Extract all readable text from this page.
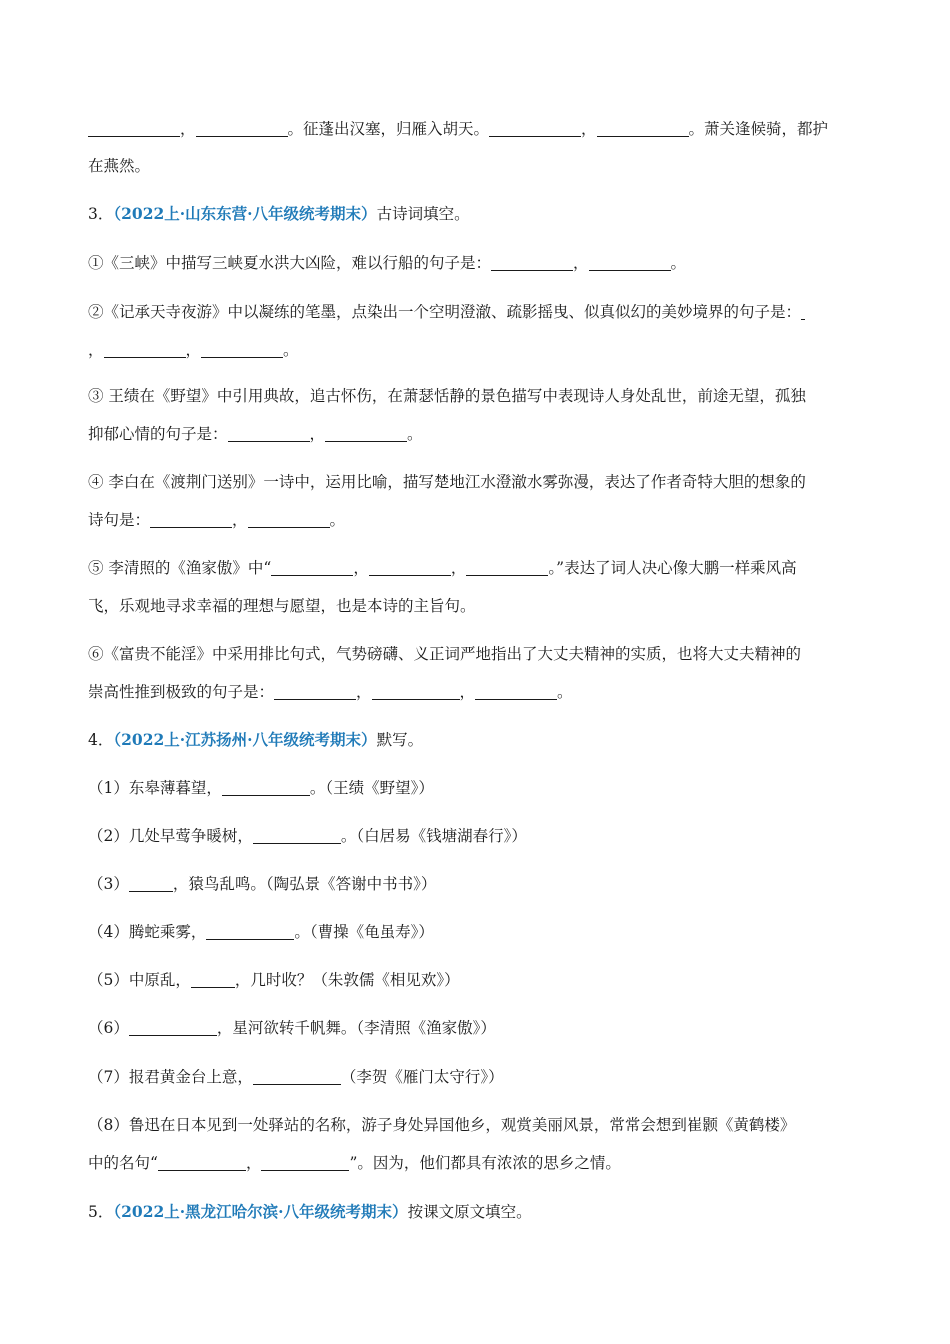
，	。征蓬出汉塞，归雁入胡天。	，	。萧关逢候骑，都护
在燕然。
3．（2022上·山东东营·八年级统考期末）古诗词填空。
①《三峡》中描写三峡夏水洪大凶险，难以行船的句子是：	，	。
②《记承天寺夜游》中以凝练的笔墨，点染出一个空明澄澈、疏影摇曳、似真似幻的美妙境界的句子是：
，	，	。
③ 王绩在《野望》中引用典故，追古怀伤，在萧瑟恬静的景色描写中表现诗人身处乱世，前途无望，孤独
抑郁心情的句子是：	，	。
④ 李白在《渡荆门送别》一诗中，运用比喻，描写楚地江水澄澈水雾弥漫，表达了作者奇特大胆的想象的
诗句是：	，	。
⑤ 李清照的《渔家傲》中“	，	，	。”表达了词人决心像大鹏一样乘风高
飞，乐观地寻求幸福的理想与愿望，也是本诗的主旨句。
⑥《富贵不能淫》中采用排比句式，气势磅礴、义正词严地指出了大丈夫精神的实质，也将大丈夫精神的
崇高性推到极致的句子是：	，	，	。
4．（2022上·江苏扬州·八年级统考期末）默写。
（1）东皋薄暮望，	。（王绩《野望》）
（2）几处早莺争暖树，	。（白居易《钱塘湖春行》）
（3）	，猿鸟乱鸣。（陶弘景《答谢中书书》）
（4）腾蛇乘雾，	。（曹操《龟虽寿》）
（5）中原乱，	，几时收？（朱敦儒《相见欢》）
（6）	，星河欲转千帆舞。（李清照《渔家傲》）
（7）报君黄金台上意，	（李贺《雁门太守行》）
（8）鲁迅在日本见到一处驿站的名称，游子身处异国他乡，观赏美丽风景，常常会想到崔颢《黄鹤楼》
中的名句“	，	”。因为，他们都具有浓浓的思乡之情。
5．（2022上·黑龙江哈尔滨·八年级统考期末）按课文原文填空。
